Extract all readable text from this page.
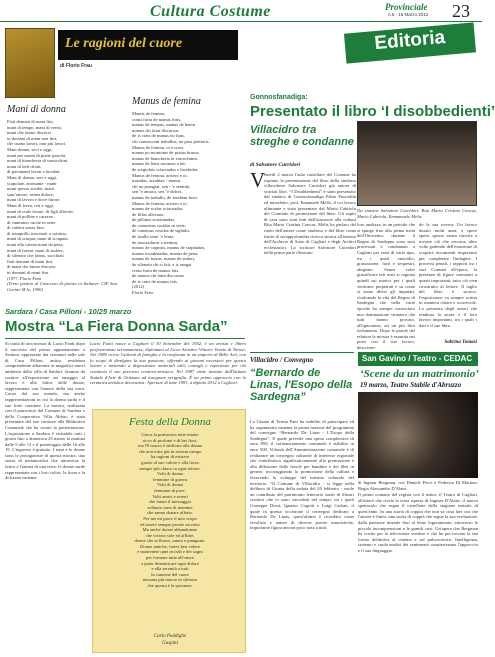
Cultura Costume	Provinciale
n.6 - 15 Marzo 2012 23
Le ragioni del cuore
di Florio Frau
Mani di donna
Fisti domani di mani fini,
mani di tempo, mani di vento,
mani che fanno discorsi
in dorsani di mani non fini,
che usano lavori, non più lavori.
Mani donna, sevi e oggi,
mani per monti di piatti sporchi,
mani di biancheria di vanocchini,
mani di letti rifatti,
di pavimenti lavati e lucidati.
Mani di donna, sevi e oggi,
scapolate, aromante - mani
mani spesso acerbe, mani
sanc'amore, senza dolore,
mani di lavoro e dove furore.
Mani di forza, ieri e oggi,
mani di scale lavate, di figli allevati,
mani di polline e carezze,
di cammino cucite in serie,
di calzini senza fine,
di tranquillo trascinati a cottimo,
mani di sciupar, mani di sciupata,
mani alla catena mani da pena,
mani di fornai, mani di sudore,
di silenzio che fanno, succhiati
fiati domani di mani fini,
di mani che fanno discorsi
in domani di mani fini.
(1977, Florio Frau
(Terzo premio al Concorso di poesia in Italiano- CIF San Gavino M.le, 1996)
Manus de femina
Manus de femina,
crasti furiu de manus frais,
manus de tempus, manus de bentu
manus chi faint discursus
de is crais de manus no fiais,
chi connoscent traballus, no prus prettaris.
Manus de femina, oi e crasi,
manus po montonis de pratus brutus,
manus de biancheria in varrochinus,
manus de letus torrausu a fai,
de sregiolais sciacuadas e lucidadas.
Manus de femina, arisero e oi,
trazadas, arrubiau - manus
chi no prangiat, sen - 'e sentidu,
sen ''e amoru, sen ''e dolori,
manus de traballu, de arrabiau furri.
Manus de femina, arisero e oi,
manus de scalas sciacuadas,
de fillus allevaus,
de pillutus acarinnadas,
de cammisas cosidas in serie,
de cunzinus cosidas de sighidu,
de istallu senz' 'e fenia,
de trasciaduras a tretimu,
manus de ciapitus, manus de ciapitadas,
manus incadenadas, manus de pena,
manus de furrus, manus de sudori,
de silenziu chi si fait, e is sangai
crasu furiu de manus fais,
de manus chi faint discursus
de is crais de manus fais.
(2012)
Florio Frau
Sardara / Casa Pilloni - 10/25 marzo
Mostra “La Fiera Donna Sarda”
Si tratta di una mostra di Lucio Fanti dopo il successo del primo appuntamento a Sardara, apprezzato dai visitatori nelle sale di Casa Pilloni, antica residenza comprendente adiacente ai magnifici nuovi ambienti della villa di Sanluri, faranno da cornice all'esposizione un omaggio al lavoro e alla fatica delle donne, rappresentate con l'amore della sua terra. Cuore del suo mondo, ma anche rappresentazioni in cui la donna sarda e il suo forte carattere. La mostra, realizzata con il patrocinio del Comune di Sardara e della Cooperativa Villa Abbas, è stata presentata dal suo curatore alla Biblioteca Comunale che ha curato la presentazione. L'esposizione a Sardara è visitabile tutti i giorni fino a domenica 25 marzo la mattina dalle 9 alle 13 e il pomeriggio dalle 16 alle 19. L'ingresso è gratuito. I temi e le donne sono le protagoniste di questa mostra, una storia di metamorfosi che attraversa la fatica e l'anima di una terra: le donne sarde rappresentate con i loro colori, la forza e la dolcezza insieme.
Lucio Fanti nasce a Cagliari il 30 Settembre del 1952, è un artista e libero professionista serramannese, diplomato al Liceo Artistico Vittorio Veneto di Torino. Nel 1980 riceve l'attività di famiglia e la trasforma in un emporio di Belle Arti, con lo scopo di divulgare la sua passione, offrendo ai giovani necessari per questo lavoro e mettendo a disposizione materiali utili, consigli e esperienze per chi comincia il suo percorso creativo-artistico. Nel 1987 viene invitato dall'Istituto Statale d'Arte di Oristano ad insegnare serigrafia. È un primo approccio con la ceramica artistica decorativa: Aperture di tutte 1993, a dipinto 2012 a Cagliari.
Festa della Donna
Gioca la primavera tutte intatte
ricco di profumi e di bei fiori,
ma l'8 marzo è dedicato alla donna
che non esita più in nessun campo
ha ragioni di esistere
grazie al suo valore e alla forza
sempre più chiaro in ogni settore.
Volti di donna
femmine di guerra
Volti di donna
femmine di pace.
Volti amici e sereni
che fanno il messaggio
soltanto sono di mamme
che sanno donare affetto.
Per me mi piace il mio scopo
ed essere sempre pronte servizio
Ma anche donne abbandonate
che vivono sole ed afflitte,
donne che soffrono, sanno e piangono.
Donne amiche, fatevi ben volere
e mantenete quei ricordi e dei sogni
per formare tutte all'onore
a poter dimenticare ogni dolore
e alla serenità a tutti
la canzone del cuore
nessuna più muore in silenzio
che questa è la speranza.
Carlo Poddighe
Guspini
Editoria
Gonnosfanadiga:
Presentato il libro ‘I disobbedienti’
Villacidro tra streghe e condanne
di Salvatore Curridori
V
enerdì 2 marzo l'aula consiliare del Comune ha ospitato la presentazione del libro della studiosa villacidrese Salvatore Curridori già autore di svariati libri. “I Disobbedienti” è stato presentato dal sindaco di Gonnosfanadiga Fabio Pusceddu ed introdotto, prof. Emanuele Melis, il cui lavoro ultimante e stato presentato dal Mario Cabriolu del Comitato di promozione del libro. Gli ospiti di casa sono stati fatti dall'assessore alla cultura Rita Maria Cristina Concas. Melis ha parlato del ruolo dell'autore come studioso e del libro come frutto di un'approfondita ricerca storica all'interno dell'Archivio di Stato di Cagliari e degli Archivi ecclesiastici. Lo scrittore Salvatore Curridori nella prima parte illustrato
Da sinistra Salvatore Curridori, Rita Maria Cristina Concas, Mario Cabriolu, Emmanuele Melis.
loro analizza, in un periodo che si spinge fino alla prima metà dell'Ottocento, durante il Regno di Sardegna sono stati processati e condannati a Cagliari per reati di varia tipo, tra i quali omicidio, grassazione, furti e sequestri, abigeato. Senza voler giustificare tali reati si ragiona quindi sui motivi per i quali venivano perpetrati e su come si siano difesi gli imputati, ricalcando la vita del Regno di Sardegna che nella varie epoche ha sempre conosciuto una dominazione straniera che tutti hanno provato, all'ignoranza, ad un più fitto isolamento. Dopo le parole del relatore la mostra è esaurita nei posti con il suo lavoro, descriven-
do la sua ricerca. Un lavoro durato molti anni, a spese spese, spesso senza riuscire a trovare ciò che cercava, altre volte godendo dell'emozione di scoprire documenti importanti per completare l'indagine. I processi penali, i rapporti tra i vari Comuni all'epoca, la presenza di figure connotati a questi importanti, tutto ciò vien ricostruito al lettore. Il taglio del libro è storico, l'esposizione va sempre scritta in maniera chiara e scorrevole. La presenza degli autori che rendono la storia e il loro lavoro importanti, tra i quali i dati e il suo libro.
Sabrina Tomasi
Villacidro / Convegno
“Bernardo de Linas, l'Esopo della Sardegna”
La Giunta di Teresa Pani ha stabilito di partecipare ed ha organizzato insieme la prima nazione del programma del convegno “Bernardo De Linas - L'Esopo della Sardegna”. Il quale prevede una spesa complessiva di euro 850, il cofinanziamento comunale è stabilito in euro 500. Volontà dell'Amministrazione comunale è di realizzare un convegno culturale di interesse regionale che contribuisca significativamente alla promozione e alla diffusione delle favole per bambini e dei libri in genere, incoraggiando la promozione della cultura e favorendo lo sviluppo del turismo culturale del territorio. “Il Comune di Villacidro - si legge nella delibera di Giunta della seduta del 20 febbraio - vuole un contributo del patrimonio letterario sardo di illustri scrittori che vi sono succeduti nel tempo, tra i quali Giuseppe Dessì, Ignazio Cogotti e Luigi Cadoni, il quale in questa occasione il convegno dedicato a Bernardo De Linas, quest'ultimo è ricordato come favolista e autore di diverse poesie umoristiche, importante figura ancora poco nota a tutti.
San Gavino / Teatro - CEDAC
‘Scene da un matrimonio’
19 marzo, Teatro Stabile d'Abruzzo
di Ingmar Bergman, con Daniele Pecci e Federica Di Martino. Regia Alessandro D'Alatri.
Il primo contatto del regista con il teatro, il Teatro di Cagliari, all'attore che rivela la terza ripresa di Ingmar D'Alatri, il nuovo spettacolo che segue il cartellone dalla stagione teatrale di quest'anno. In una storia di coppia che non sa cosa fare ora che l'amore è finito, una storia di coppia che segue la sua evoluzione, dalla passione iniziale fino al lento logoramento, attraverso le piccole incomprensioni e le grandi crisi. Un'opera che Bergman ha scritto per la televisione svedese e che ha poi trovato la sua forma definitiva al cinema e sul palcoscenico. Intelligenza, cinismo e cruda analisi dei sentimenti caratterizzano l'approccio e il suo linguaggio.
